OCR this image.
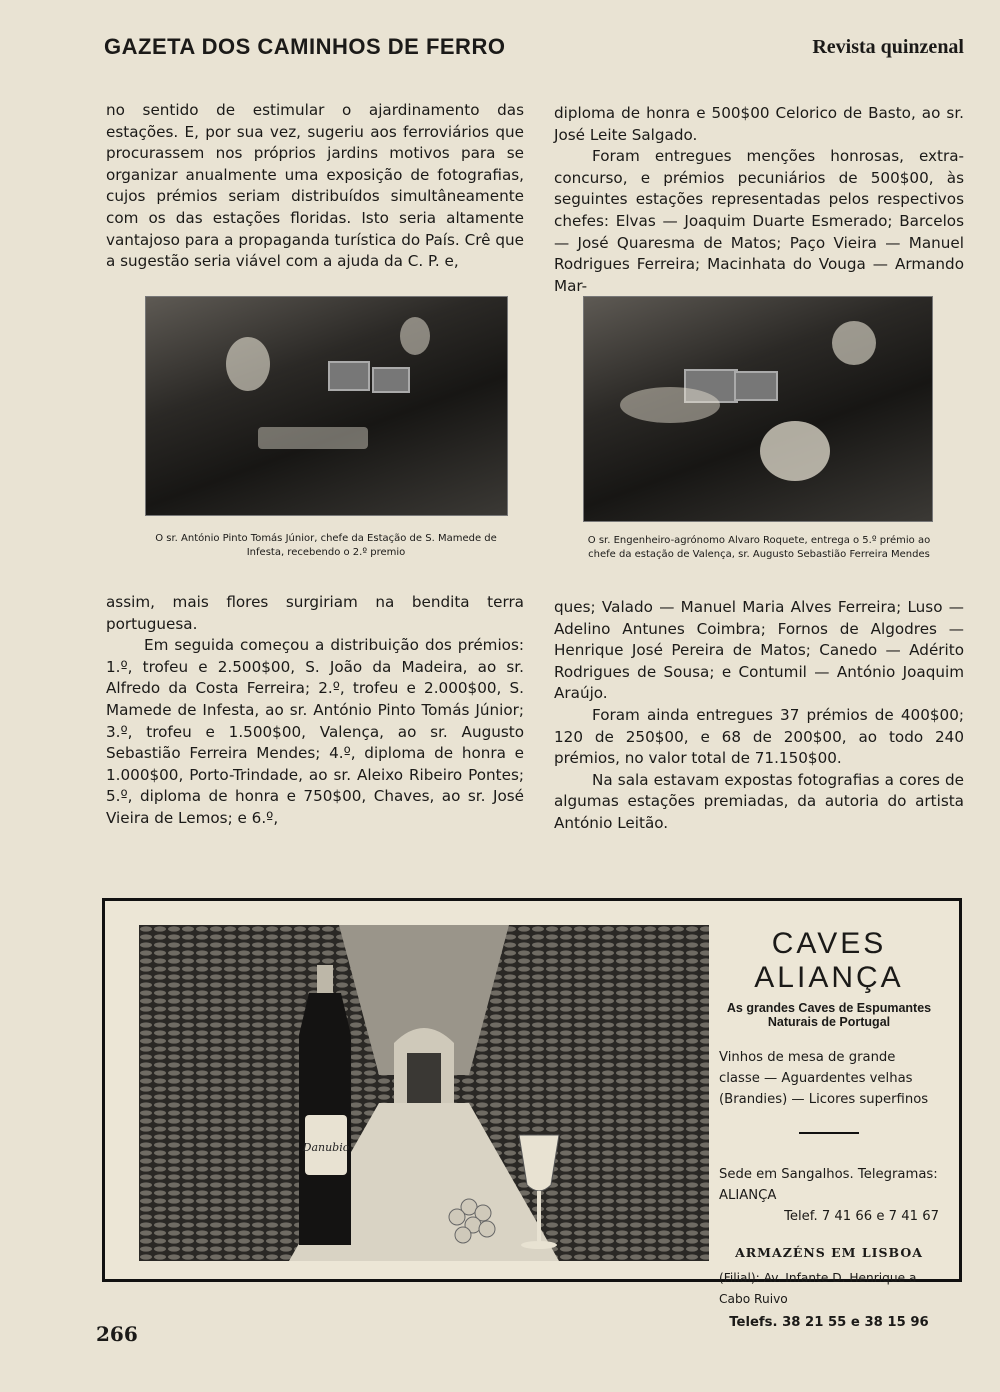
GAZETA DOS CAMINHOS DE FERRO	Revista quinzenal

no sentido de estimular o ajardinamento das estações. E, por sua vez, sugeriu aos ferroviários que procurassem nos próprios jardins motivos para se organizar anualmente uma exposição de fotografias, cujos prémios seriam distribuídos simultâneamente com os das estações floridas. Isto seria altamente vantajoso para a propaganda turística do País. Crê que a sugestão seria viável com a ajuda da C. P. e,

diploma de honra e 500$00 Celorico de Basto, ao sr. José Leite Salgado.

Foram entregues menções honrosas, extra-concurso, e prémios pecuniários de 500$00, às seguintes estações representadas pelos respectivos chefes: Elvas — Joaquim Duarte Esmerado; Barcelos — José Quaresma de Matos; Paço Vieira — Manuel Rodrigues Ferreira; Macinhata do Vouga — Armando Mar-

O sr. António Pinto Tomás Júnior, chefe da Estação de S. Mamede de Infesta, recebendo o 2.º premio
O sr. Engenheiro-agrónomo Alvaro Roquete, entrega o 5.º prémio ao chefe da estação de Valença, sr. Augusto Sebastião Ferreira Mendes

assim, mais flores surgiriam na bendita terra portuguesa.

Em seguida começou a distribuição dos prémios: 1.º, trofeu e 2.500$00, S. João da Madeira, ao sr. Alfredo da Costa Ferreira; 2.º, trofeu e 2.000$00, S. Mamede de Infesta, ao sr. António Pinto Tomás Júnior; 3.º, trofeu e 1.500$00, Valença, ao sr. Augusto Sebastião Ferreira Mendes; 4.º, diploma de honra e 1.000$00, Porto-Trindade, ao sr. Aleixo Ribeiro Pontes; 5.º, diploma de honra e 750$00, Chaves, ao sr. José Vieira de Lemos; e 6.º,

ques; Valado — Manuel Maria Alves Ferreira; Luso — Adelino Antunes Coimbra; Fornos de Algodres — Henrique José Pereira de Matos; Canedo — Adérito Rodrigues de Sousa; e Contumil — António Joaquim Araújo.

Foram ainda entregues 37 prémios de 400$00; 120 de 250$00, e 68 de 200$00, ao todo 240 prémios, no valor total de 71.150$00.

Na sala estavam expostas fotografias a cores de algumas estações premiadas, da autoria do artista António Leitão.

Danubio
CAVES ALIANÇA
As grandes Caves de Espumantes Naturais de Portugal
Vinhos de mesa de grande classe — Aguardentes velhas (Brandies) — Licores superfinos
Sede em Sangalhos. Telegramas: ALIANÇA
Telef. 7 41 66 e 7 41 67
ARMAZÉNS EM LISBOA
(Filial): Av. Infante D. Henrique a Cabo Ruivo
Telefs. 38 21 55 e 38 15 96
266
